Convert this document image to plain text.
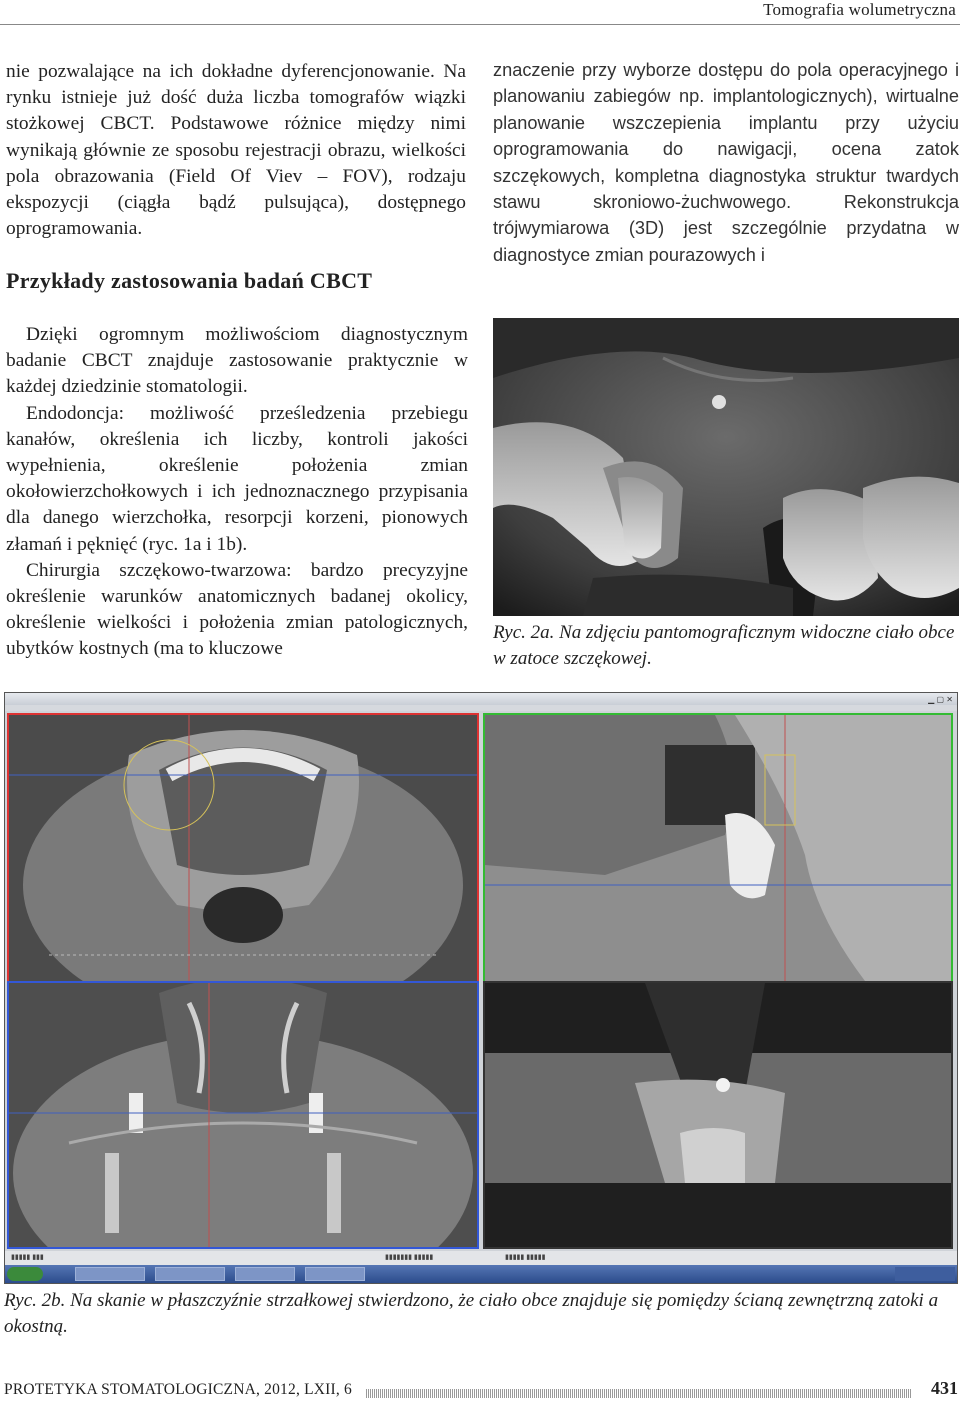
Tomografia wolumetryczna

nie pozwalające na ich dokładne dyferencjonowanie. Na rynku istnieje już dość duża liczba tomografów wiązki stożkowej CBCT. Podstawowe różnice między nimi wynikają głównie ze sposobu rejestracji obrazu, wielkości pola obrazowania (Field Of Viev – FOV), rodzaju ekspozycji (ciągła bądź pulsująca), dostępnego oprogramowania.

Przykłady zastosowania badań CBCT

Dzięki ogromnym możliwościom diagnostycznym badanie CBCT znajduje zastosowanie praktycznie w każdej dziedzinie stomatologii.

Endodoncja: możliwość prześledzenia przebiegu kanałów, określenia ich liczby, kontroli jakości wypełnienia, określenie położenia zmian okołowierzchołkowych i ich jednoznacznego przypisania dla danego wierzchołka, resorpcji korzeni, pionowych złamań i pęknięć (ryc. 1a i 1b).

Chirurgia szczękowo-twarzowa: bardzo precyzyjne określenie warunków anatomicznych badanej okolicy, określenie wielkości i położenia zmian patologicznych, ubytków kostnych (ma to kluczowe

znaczenie przy wyborze dostępu do pola operacyjnego i planowaniu zabiegów np. implantologicznych), wirtualne planowanie wszczepienia implantu przy użyciu oprogramowania do nawigacji, ocena zatok szczękowych, kompletna diagnostyka struktur twardych stawu skroniowo-żuchwowego. Rekonstrukcja trójwymiarowa (3D) jest szczególnie przydatna w diagnostyce zmian pourazowych i

Ryc. 2a. Na zdjęciu pantomograficznym widoczne ciało obce w zatoce szczękowej.
▁ ▢ ✕
▮▮▮▮▮ ▮▮▮	▮▮▮▮▮▮▮ ▮▮▮▮▮	▮▮▮▮▮ ▮▮▮▮▮
Ryc. 2b. Na skanie w płaszczyźnie strzałkowej stwierdzono, że ciało obce znajduje się pomiędzy ścianą zewnętrzną zatoki a okostną.
PROTETYKA STOMATOLOGICZNA, 2012, LXII, 6	431
